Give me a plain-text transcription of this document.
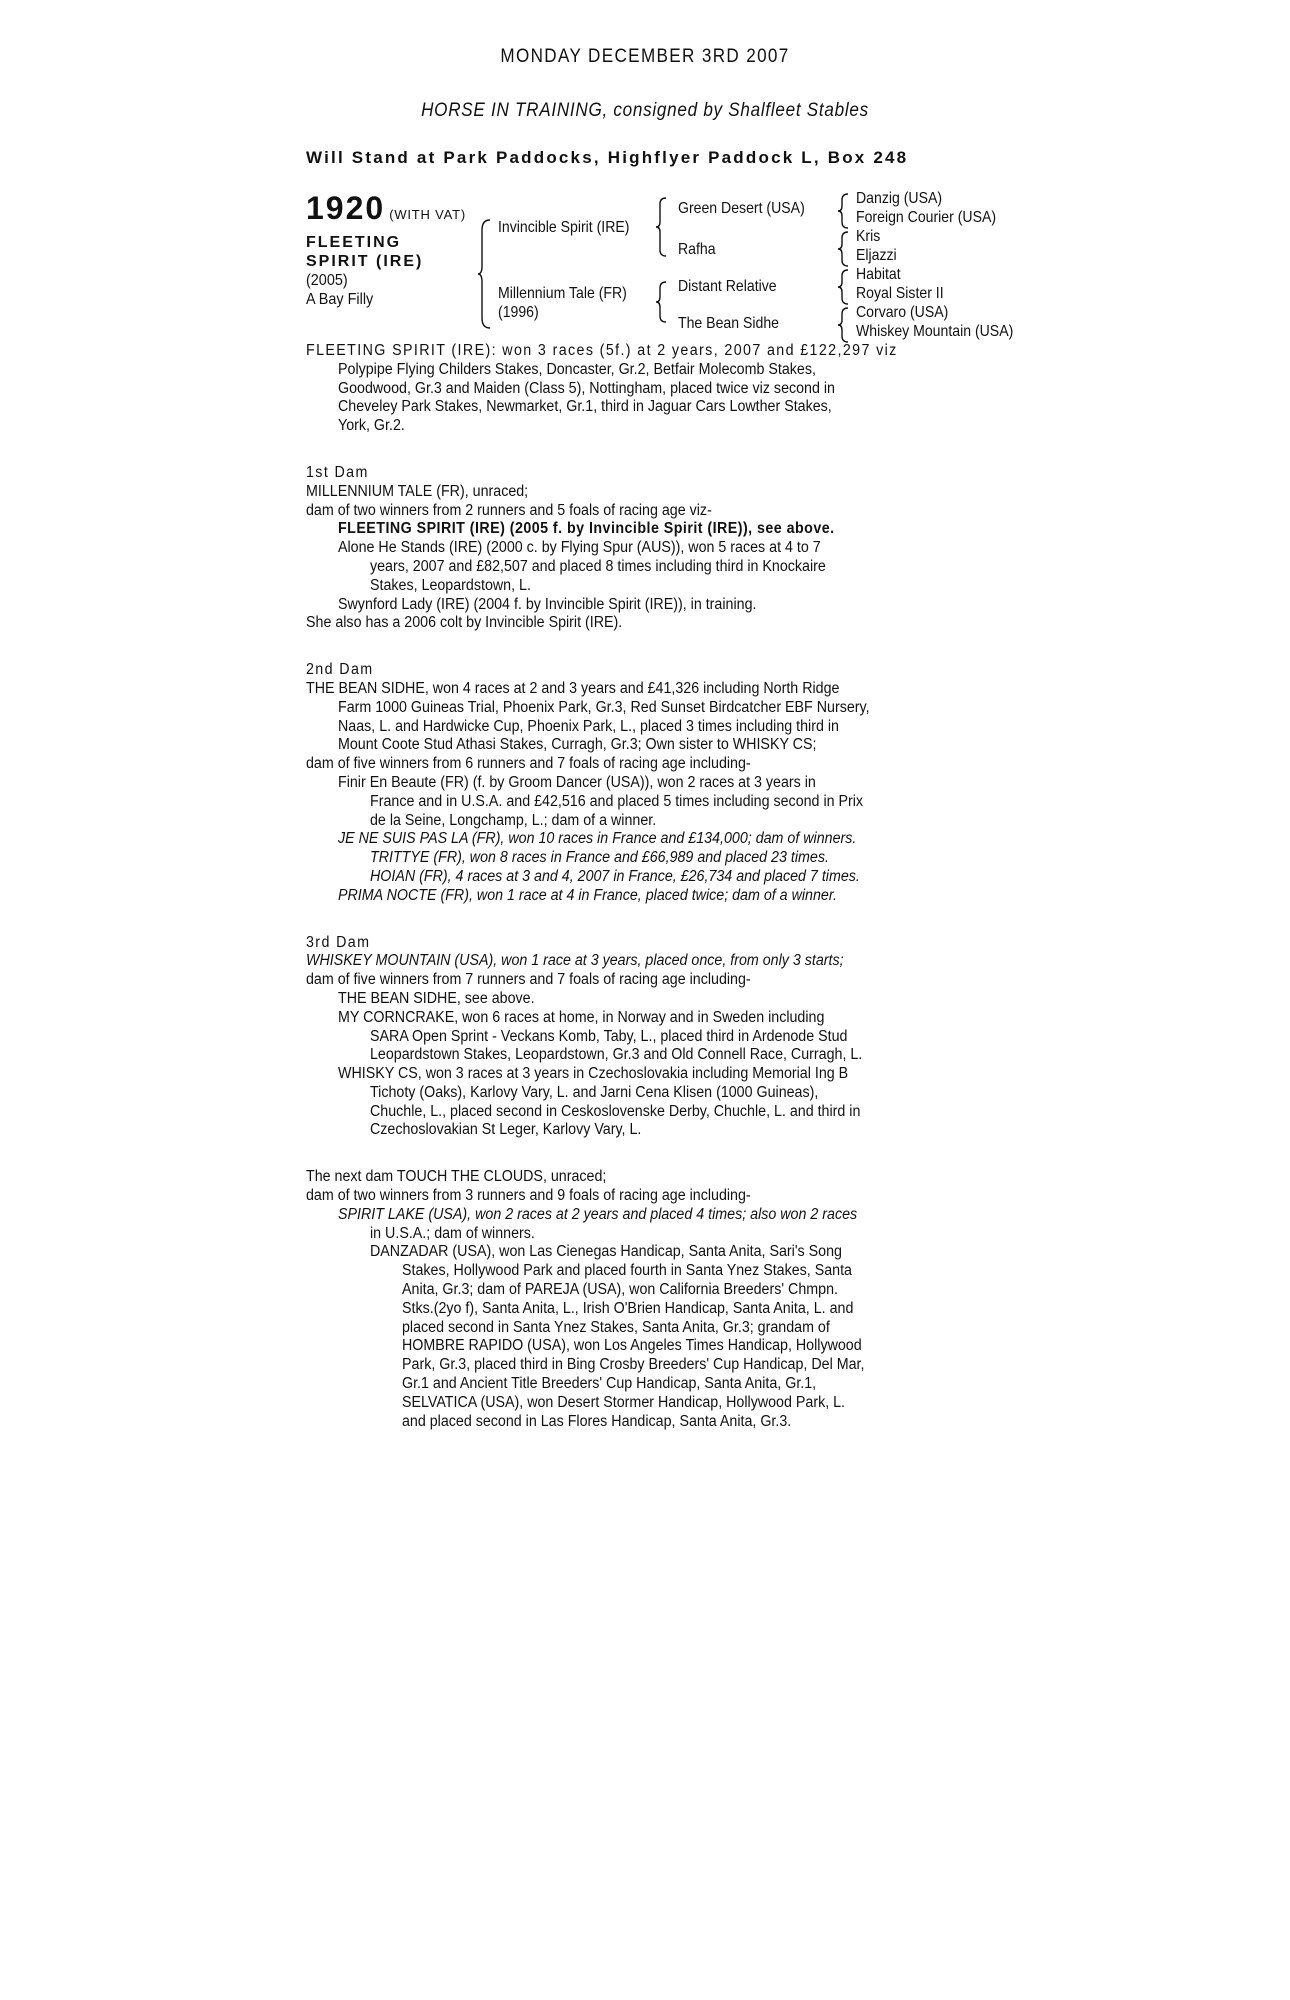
MONDAY DECEMBER 3RD 2007
HORSE IN TRAINING, consigned by Shalfleet Stables
Will Stand at Park Paddocks, Highflyer Paddock L, Box 248
1920 (WITH VAT)
FLEETING SPIRIT (IRE)
(2005)
A Bay Filly
Invincible Spirit (IRE)
Millennium Tale (FR)
(1996)
Green Desert (USA)
Rafha
Distant Relative
The Bean Sidhe
Danzig (USA)
Foreign Courier (USA)
Kris
Eljazzi
Habitat
Royal Sister II
Corvaro (USA)
Whiskey Mountain (USA)

FLEETING SPIRIT (IRE): won 3 races (5f.) at 2 years, 2007 and £122,297 viz

Polypipe Flying Childers Stakes, Doncaster, Gr.2, Betfair Molecomb Stakes,

Goodwood, Gr.3 and Maiden (Class 5), Nottingham, placed twice viz second in

Cheveley Park Stakes, Newmarket, Gr.1, third in Jaguar Cars Lowther Stakes,

York, Gr.2.

1st Dam

MILLENNIUM TALE (FR), unraced;

dam of two winners from 2 runners and 5 foals of racing age viz-

FLEETING SPIRIT (IRE) (2005 f. by Invincible Spirit (IRE)), see above.

Alone He Stands (IRE) (2000 c. by Flying Spur (AUS)), won 5 races at 4 to 7

years, 2007 and £82,507 and placed 8 times including third in Knockaire

Stakes, Leopardstown, L.

Swynford Lady (IRE) (2004 f. by Invincible Spirit (IRE)), in training.

She also has a 2006 colt by Invincible Spirit (IRE).

2nd Dam

THE BEAN SIDHE, won 4 races at 2 and 3 years and £41,326 including North Ridge

Farm 1000 Guineas Trial, Phoenix Park, Gr.3, Red Sunset Birdcatcher EBF Nursery,

Naas, L. and Hardwicke Cup, Phoenix Park, L., placed 3 times including third in

Mount Coote Stud Athasi Stakes, Curragh, Gr.3; Own sister to WHISKY CS;

dam of five winners from 6 runners and 7 foals of racing age including-

Finir En Beaute (FR) (f. by Groom Dancer (USA)), won 2 races at 3 years in

France and in U.S.A. and £42,516 and placed 5 times including second in Prix

de la Seine, Longchamp, L.; dam of a winner.

JE NE SUIS PAS LA (FR), won 10 races in France and £134,000; dam of winners.

TRITTYE (FR), won 8 races in France and £66,989 and placed 23 times.

HOIAN (FR), 4 races at 3 and 4, 2007 in France, £26,734 and placed 7 times.

PRIMA NOCTE (FR), won 1 race at 4 in France, placed twice; dam of a winner.

3rd Dam

WHISKEY MOUNTAIN (USA), won 1 race at 3 years, placed once, from only 3 starts;

dam of five winners from 7 runners and 7 foals of racing age including-

THE BEAN SIDHE, see above.

MY CORNCRAKE, won 6 races at home, in Norway and in Sweden including

SARA Open Sprint - Veckans Komb, Taby, L., placed third in Ardenode Stud

Leopardstown Stakes, Leopardstown, Gr.3 and Old Connell Race, Curragh, L.

WHISKY CS, won 3 races at 3 years in Czechoslovakia including Memorial Ing B

Tichoty (Oaks), Karlovy Vary, L. and Jarni Cena Klisen (1000 Guineas),

Chuchle, L., placed second in Ceskoslovenske Derby, Chuchle, L. and third in

Czechoslovakian St Leger, Karlovy Vary, L.

The next dam TOUCH THE CLOUDS, unraced;

dam of two winners from 3 runners and 9 foals of racing age including-

SPIRIT LAKE (USA), won 2 races at 2 years and placed 4 times; also won 2 races

in U.S.A.; dam of winners.

DANZADAR (USA), won Las Cienegas Handicap, Santa Anita, Sari's Song

Stakes, Hollywood Park and placed fourth in Santa Ynez Stakes, Santa

Anita, Gr.3; dam of PAREJA (USA), won California Breeders' Chmpn.

Stks.(2yo f), Santa Anita, L., Irish O'Brien Handicap, Santa Anita, L. and

placed second in Santa Ynez Stakes, Santa Anita, Gr.3; grandam of

HOMBRE RAPIDO (USA), won Los Angeles Times Handicap, Hollywood

Park, Gr.3, placed third in Bing Crosby Breeders' Cup Handicap, Del Mar,

Gr.1 and Ancient Title Breeders' Cup Handicap, Santa Anita, Gr.1,

SELVATICA (USA), won Desert Stormer Handicap, Hollywood Park, L.

and placed second in Las Flores Handicap, Santa Anita, Gr.3.
